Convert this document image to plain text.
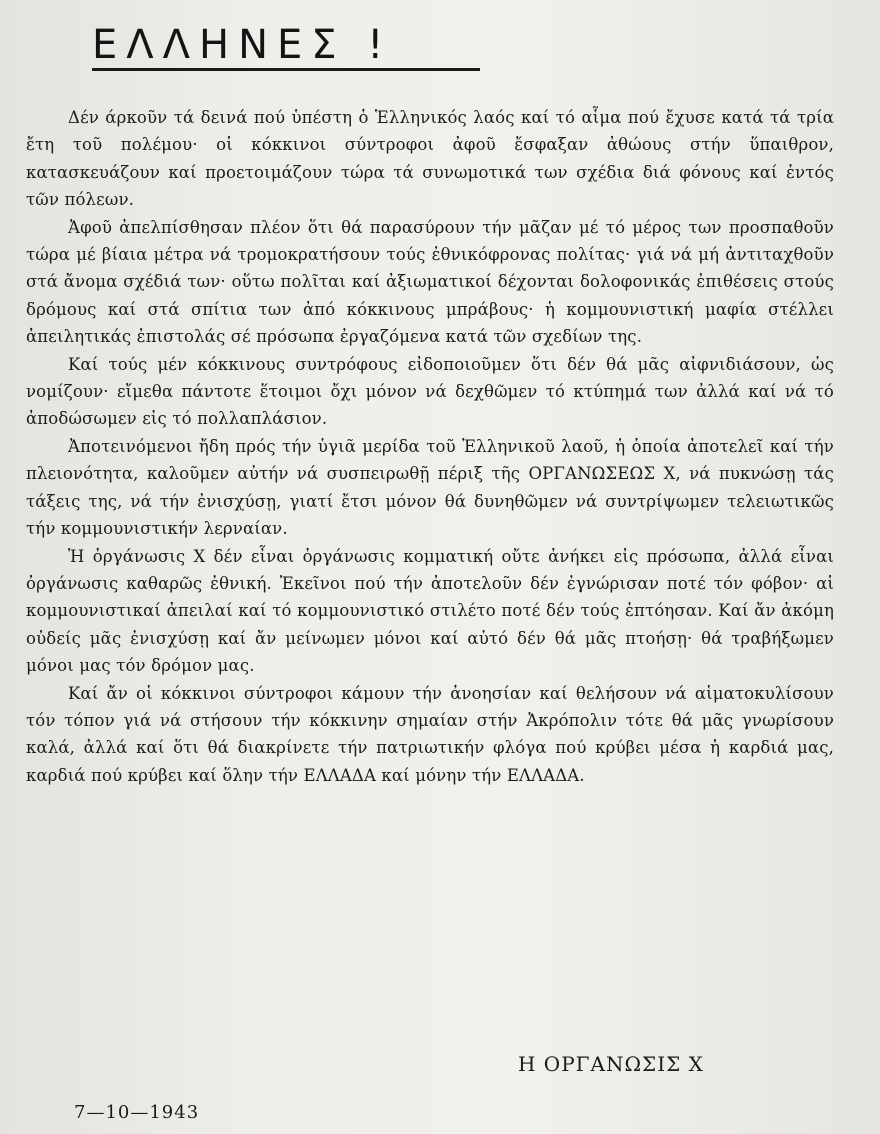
ΕΛΛΗΝΕΣ !

Δέν άρκοῦν τά δεινά πού ὑπέστη ὁ Ἑλληνικός λαός καί τό αἷμα πού ἔχυσε κατά τά τρία ἔτη τοῦ πολέμου· οἱ κόκκινοι σύντροφοι ἀφοῦ ἔσφαξαν ἀθώους στήν ὕπαιθρον, κατασκευάζουν καί προετοιμάζουν τώρα τά συνωμοτικά των σχέδια διά φόνους καί ἐντός τῶν πόλεων.

Ἀφοῦ ἀπελπίσθησαν πλέον ὅτι θά παρασύρουν τήν μᾶζαν μέ τό μέρος των προσπαθοῦν τώρα μέ βίαια μέτρα νά τρομοκρατήσουν τούς ἐθνικόφρονας πολίτας· γιά νά μή ἀντιταχθοῦν στά ἄνομα σχέδιά των· οὕτω πολῖται καί ἀξιωματικοί δέχονται δολοφονικάς ἐπιθέσεις στούς δρόμους καί στά σπίτια των ἀπό κόκκινους μπράβους· ἡ κομμουνιστική μαφία στέλλει ἀπειλητικάς ἐπιστολάς σέ πρόσωπα ἐργαζόμενα κατά τῶν σχεδίων της.

Καί τούς μέν κόκκινους συντρόφους εἰδοποιοῦμεν ὅτι δέν θά μᾶς αἰφνιδιάσουν, ὡς νομίζουν· εἴμεθα πάντοτε ἕτοιμοι ὄχι μόνον νά δεχθῶμεν τό κτύπημά των ἀλλά καί νά τό ἀποδώσωμεν εἰς τό πολλαπλάσιον.

Ἀποτεινόμενοι ἤδη πρός τήν ὑγιᾶ μερίδα τοῦ Ἑλληνικοῦ λαοῦ, ἡ ὁποία ἀποτελεῖ καί τήν πλειονότητα, καλοῦμεν αὐτήν νά συσπειρωθῇ πέριξ τῆς ΟΡΓΑΝΩΣΕΩΣ Χ, νά πυκνώσῃ τάς τάξεις της, νά τήν ἐνισχύσῃ, γιατί ἔτσι μόνον θά δυνηθῶμεν νά συντρίψωμεν τελειωτικῶς τήν κομμουνιστικήν λερναίαν.

Ἡ ὀργάνωσις Χ δέν εἶναι ὀργάνωσις κομματική οὔτε ἀνήκει εἰς πρόσωπα, ἀλλά εἶναι ὀργάνωσις καθαρῶς ἐθνική. Ἐκεῖνοι πού τήν ἀποτελοῦν δέν ἐγνώρισαν ποτέ τόν φόβον· αἱ κομμουνιστικαί ἀπειλαί καί τό κομμουνιστικό στιλέτο ποτέ δέν τούς ἐπτόησαν. Καί ἄν ἀκόμη οὐδείς μᾶς ἐνισχύσῃ καί ἄν μείνωμεν μόνοι καί αὐτό δέν θά μᾶς πτοήσῃ· θά τραβήξωμεν μόνοι μας τόν δρόμον μας.

Καί ἄν οἱ κόκκινοι σύντροφοι κάμουν τήν ἀνοησίαν καί θελήσουν νά αἱματοκυλίσουν τόν τόπον γιά νά στήσουν τήν κόκκινην σημαίαν στήν Ἀκρόπολιν τότε θά μᾶς γνωρίσουν καλά, ἀλλά καί ὅτι θά διακρίνετε τήν πατριωτικήν φλόγα πού κρύβει μέσα ἡ καρδιά μας, καρδιά πού κρύβει καί ὅλην τήν ΕΛΛΑΔΑ καί μόνην τήν ΕΛΛΑΔΑ.

Η ΟΡΓΑΝΩΣΙΣ Χ
7—10—1943
